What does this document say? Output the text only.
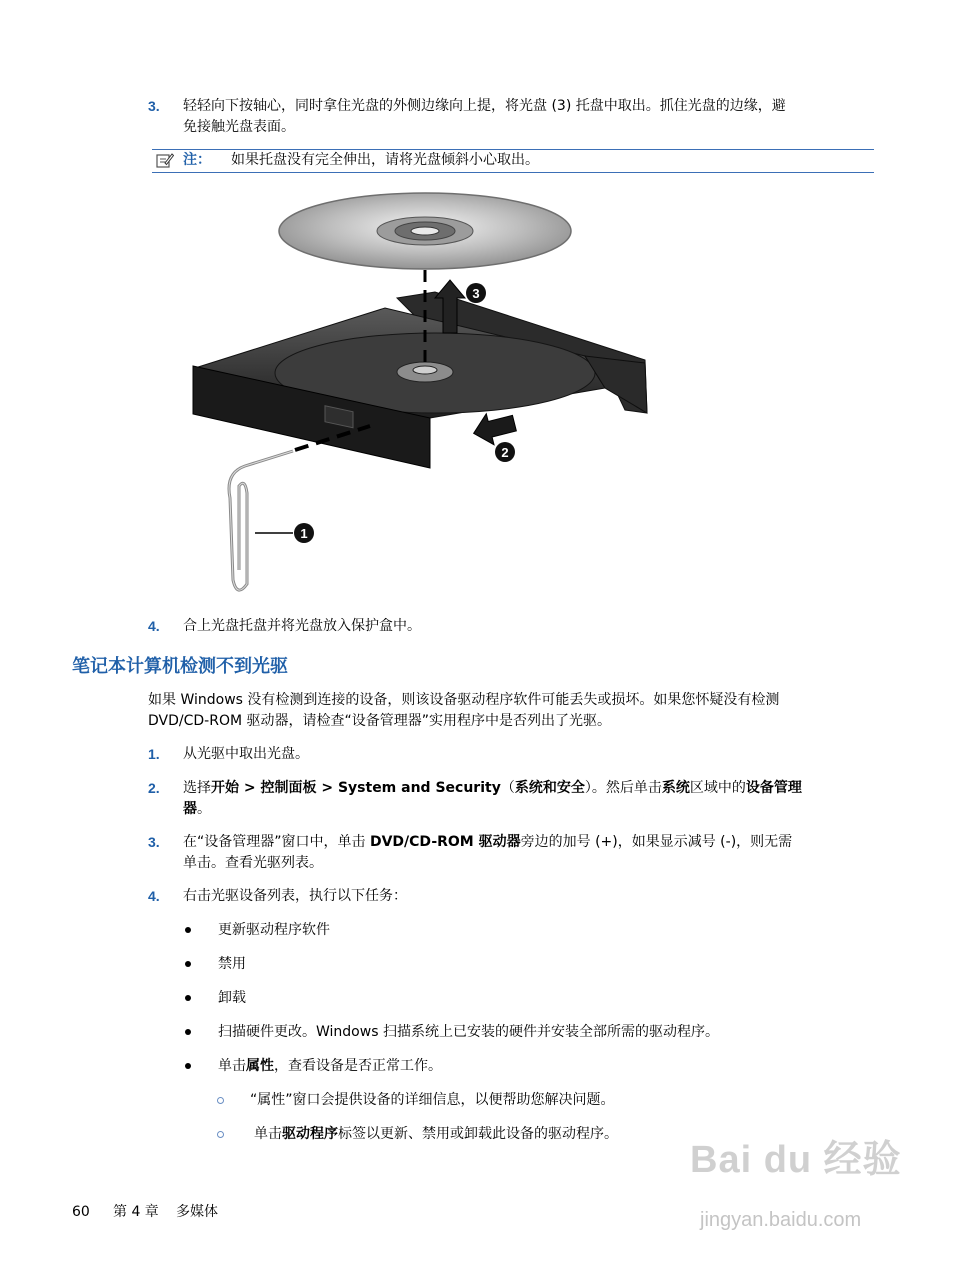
3. 轻轻向下按轴心，同时拿住光盘的外侧边缘向上提，将光盘 (3) 托盘中取出。抓住光盘的边缘，避
免接触光盘表面。
注： 如果托盘没有完全伸出，请将光盘倾斜小心取出。
3
2
1
4. 合上光盘托盘并将光盘放入保护盒中。
笔记本计算机检测不到光驱
如果 Windows 没有检测到连接的设备，则该设备驱动程序软件可能丢失或损坏。如果您怀疑没有检测
DVD/CD-ROM 驱动器，请检查“设备管理器”实用程序中是否列出了光驱。
1. 从光驱中取出光盘。
2. 选择开始 > 控制面板 > System and Security（系统和安全）。然后单击系统区域中的设备管理
器。
3. 在“设备管理器”窗口中，单击 DVD/CD-ROM 驱动器旁边的加号 (+)，如果显示减号 (-)，则无需
单击。查看光驱列表。
4. 右击光驱设备列表，执行以下任务：
更新驱动程序软件
禁用
卸载
扫描硬件更改。Windows 扫描系统上已安装的硬件并安装全部所需的驱动程序。
单击属性，查看设备是否正常工作。
“属性”窗口会提供设备的详细信息，以便帮助您解决问题。
单击驱动程序标签以更新、禁用或卸载此设备的驱动程序。
60 第 4 章 多媒体
Bai du 经验
jingyan.baidu.com
